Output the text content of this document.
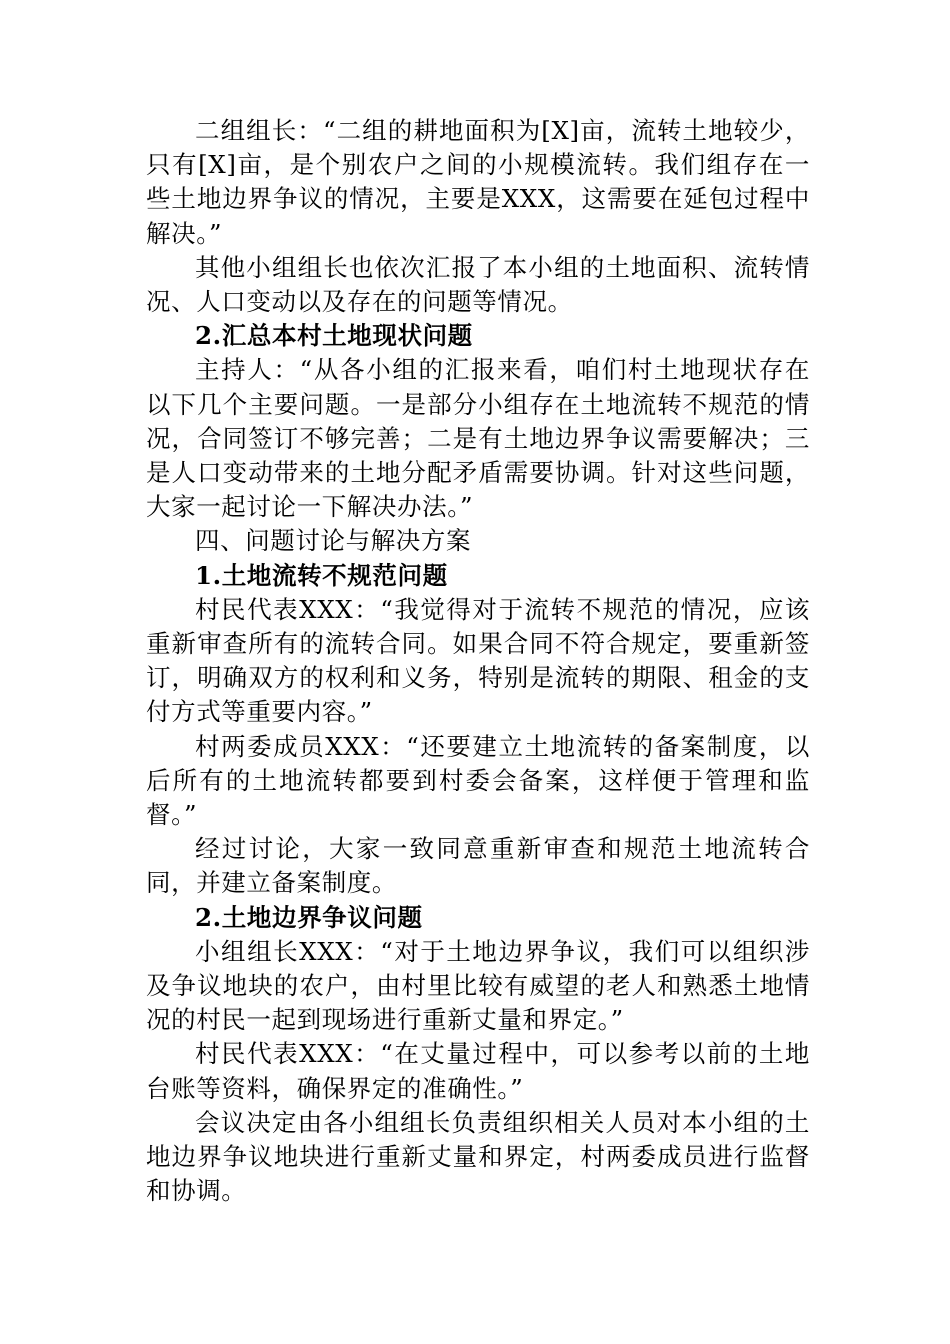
二组组长：“二组的耕地面积为[X]亩，流转土地较少，只有[X]亩，是个别农户之间的小规模流转。我们组存在一些土地边界争议的情况，主要是XXX，这需要在延包过程中解决。”

其他小组组长也依次汇报了本小组的土地面积、流转情况、人口变动以及存在的问题等情况。

2.汇总本村土地现状问题

主持人：“从各小组的汇报来看，咱们村土地现状存在以下几个主要问题。一是部分小组存在土地流转不规范的情况，合同签订不够完善；二是有土地边界争议需要解决；三是人口变动带来的土地分配矛盾需要协调。针对这些问题，大家一起讨论一下解决办法。”

四、问题讨论与解决方案

1.土地流转不规范问题

村民代表XXX：“我觉得对于流转不规范的情况，应该重新审查所有的流转合同。如果合同不符合规定，要重新签订，明确双方的权利和义务，特别是流转的期限、租金的支付方式等重要内容。”

村两委成员XXX：“还要建立土地流转的备案制度，以后所有的土地流转都要到村委会备案，这样便于管理和监督。”

经过讨论，大家一致同意重新审查和规范土地流转合同，并建立备案制度。

2.土地边界争议问题

小组组长XXX：“对于土地边界争议，我们可以组织涉及争议地块的农户，由村里比较有威望的老人和熟悉土地情况的村民一起到现场进行重新丈量和界定。”

村民代表XXX：“在丈量过程中，可以参考以前的土地台账等资料，确保界定的准确性。”

会议决定由各小组组长负责组织相关人员对本小组的土地边界争议地块进行重新丈量和界定，村两委成员进行监督和协调。
